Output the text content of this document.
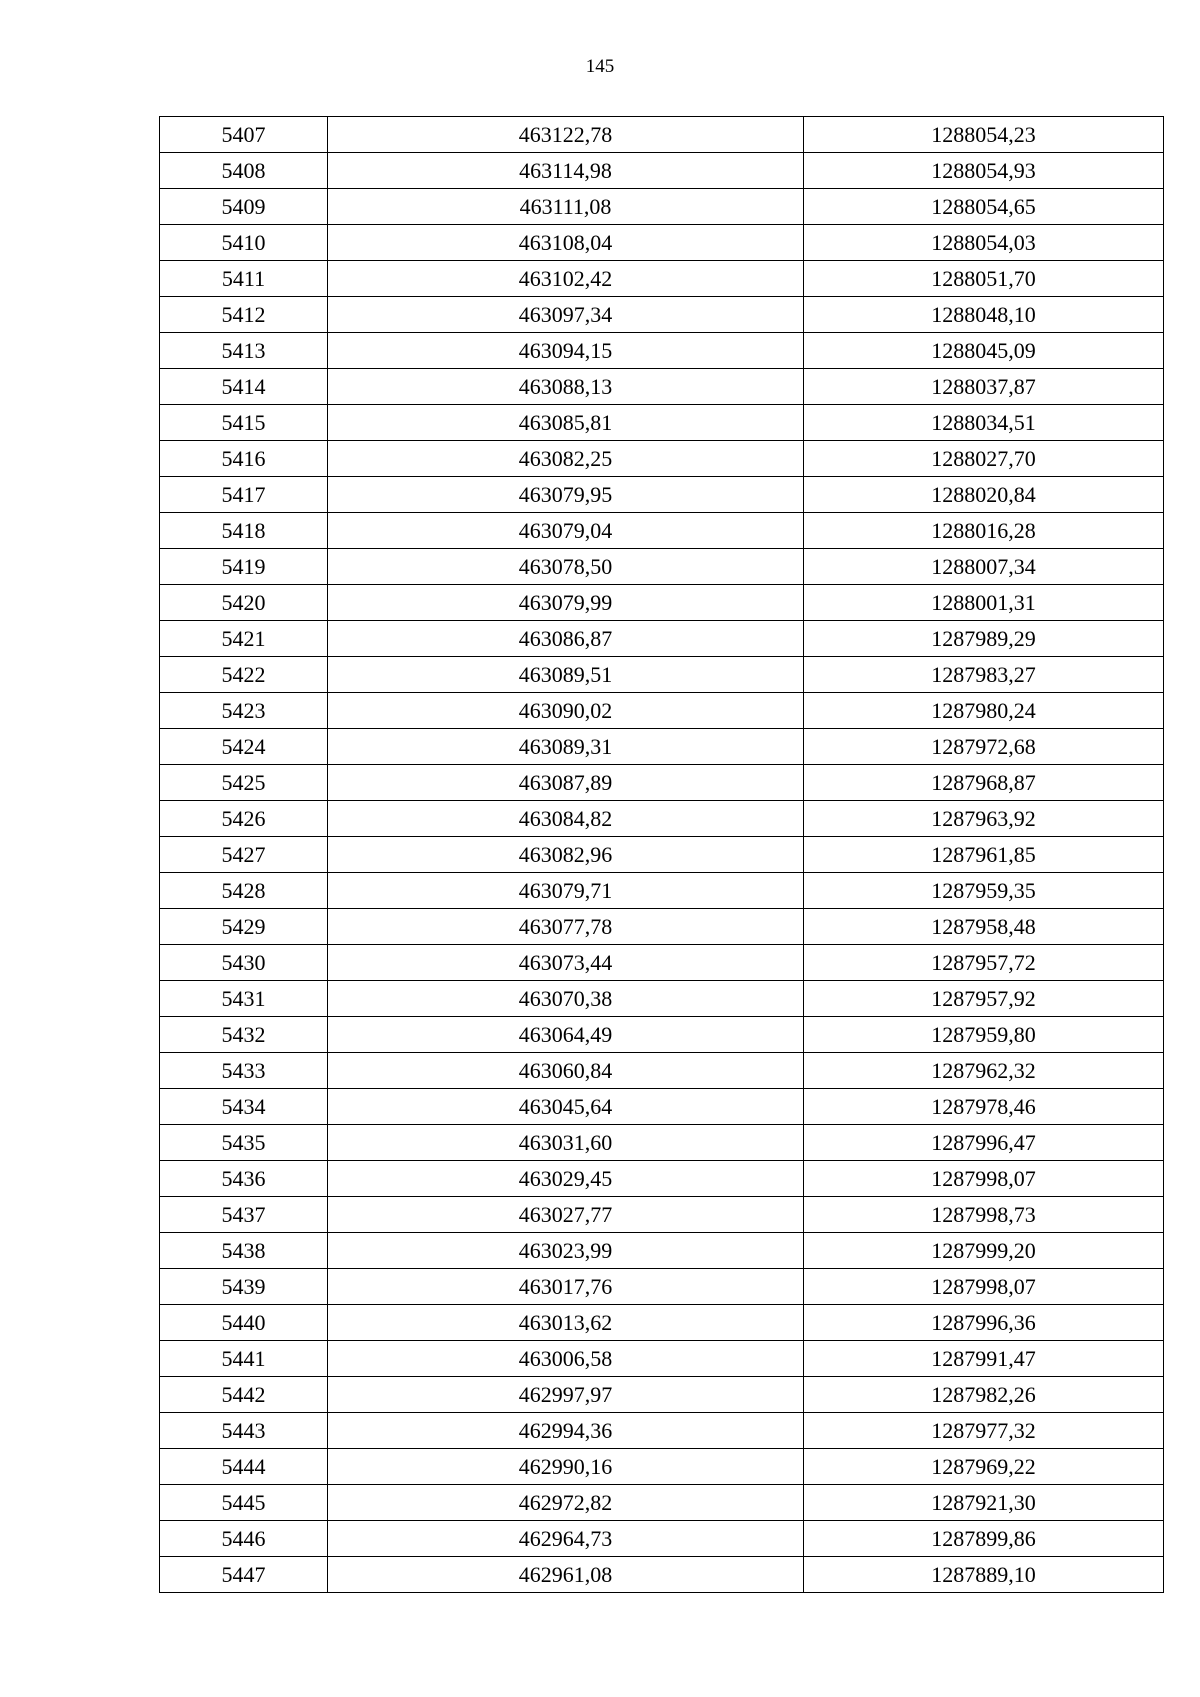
145
5407	463122,78	1288054,23
5408	463114,98	1288054,93
5409	463111,08	1288054,65
5410	463108,04	1288054,03
5411	463102,42	1288051,70
5412	463097,34	1288048,10
5413	463094,15	1288045,09
5414	463088,13	1288037,87
5415	463085,81	1288034,51
5416	463082,25	1288027,70
5417	463079,95	1288020,84
5418	463079,04	1288016,28
5419	463078,50	1288007,34
5420	463079,99	1288001,31
5421	463086,87	1287989,29
5422	463089,51	1287983,27
5423	463090,02	1287980,24
5424	463089,31	1287972,68
5425	463087,89	1287968,87
5426	463084,82	1287963,92
5427	463082,96	1287961,85
5428	463079,71	1287959,35
5429	463077,78	1287958,48
5430	463073,44	1287957,72
5431	463070,38	1287957,92
5432	463064,49	1287959,80
5433	463060,84	1287962,32
5434	463045,64	1287978,46
5435	463031,60	1287996,47
5436	463029,45	1287998,07
5437	463027,77	1287998,73
5438	463023,99	1287999,20
5439	463017,76	1287998,07
5440	463013,62	1287996,36
5441	463006,58	1287991,47
5442	462997,97	1287982,26
5443	462994,36	1287977,32
5444	462990,16	1287969,22
5445	462972,82	1287921,30
5446	462964,73	1287899,86
5447	462961,08	1287889,10
